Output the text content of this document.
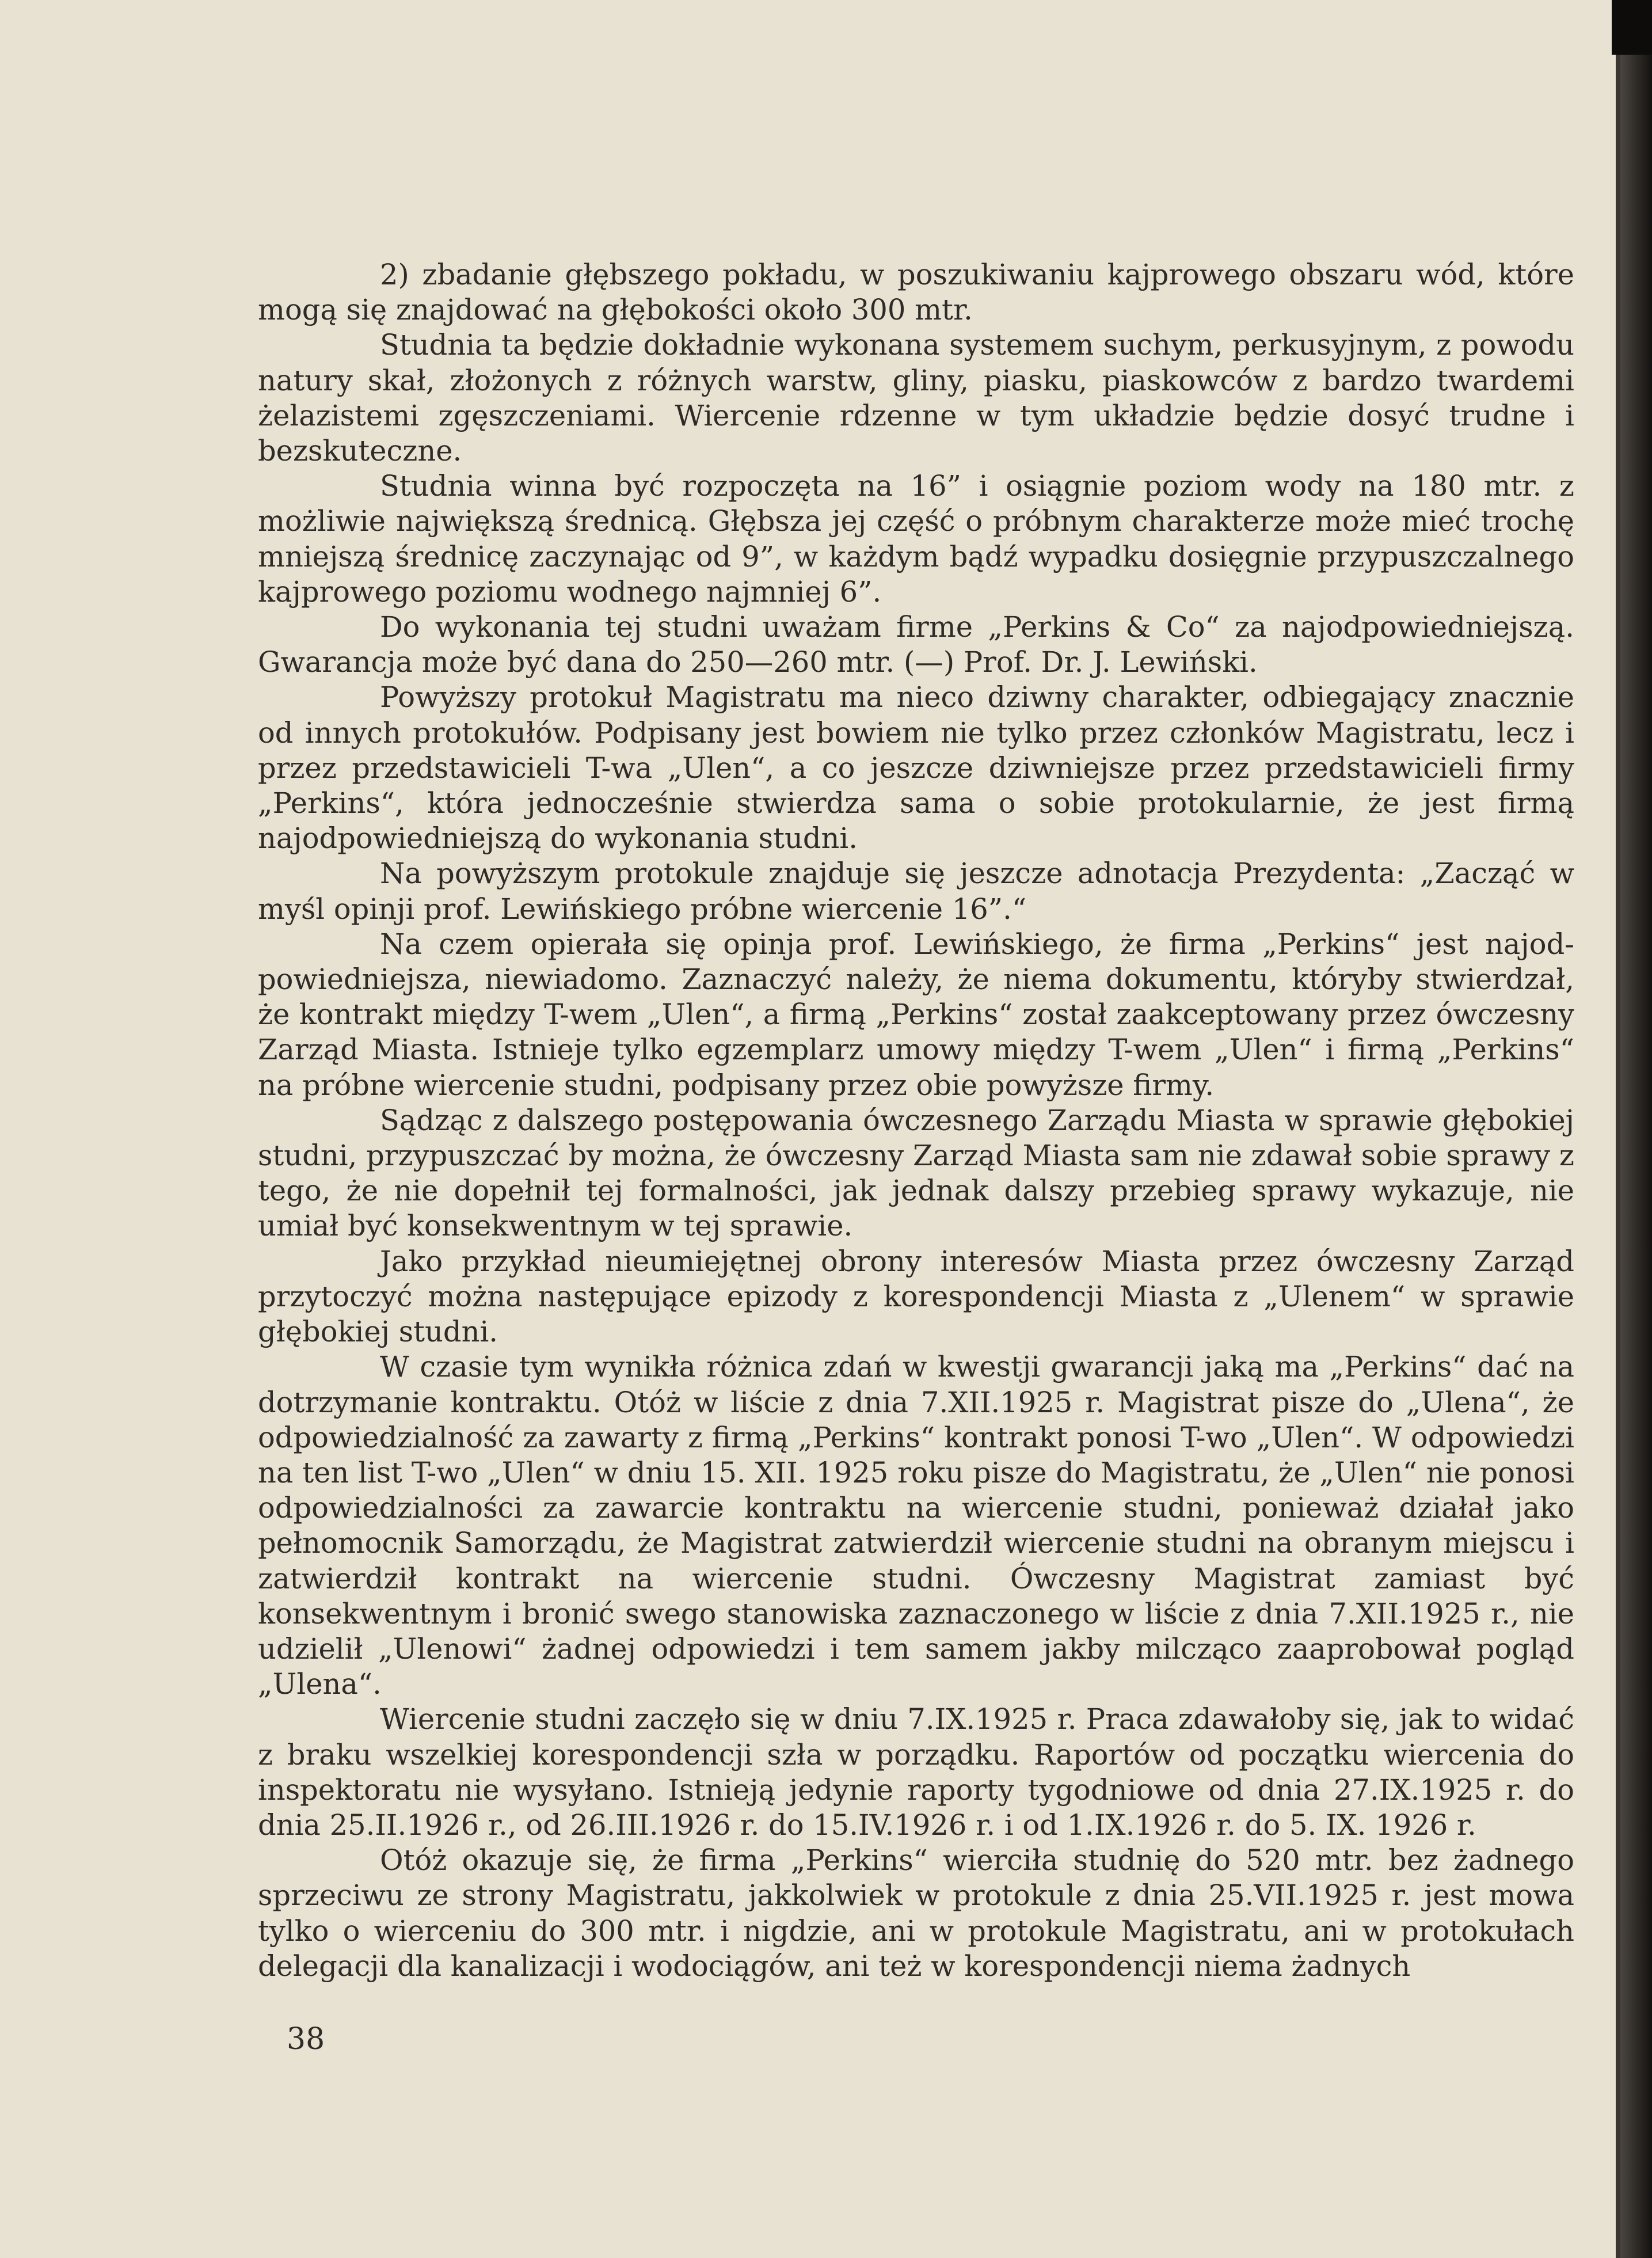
2) zbadanie głębszego pokładu, w poszukiwaniu kajprowego obszaru wód, które mogą się znajdować na głębokości około 300 mtr.

Studnia ta będzie dokładnie wykonana systemem suchym, perkusyjnym, z powodu natury skał, złożonych z różnych warstw, gliny, piasku, piaskowców z bardzo twardemi żelazistemi zgęszczeniami. Wiercenie rdzenne w tym układzie będzie dosyć trudne i bezskuteczne.

Studnia winna być rozpoczęta na 16” i osiągnie poziom wody na 180 mtr. z możliwie największą średnicą. Głębsza jej część o próbnym charakterze może mieć trochę mniejszą średnicę zaczynając od 9”, w każdym bądź wypadku dosięgnie przypuszczalnego kajprowego poziomu wodnego najmniej 6”.

Do wykonania tej studni uważam firme „Perkins & Co“ za najodpowiedniejszą. Gwarancja może być dana do 250—260 mtr. (—) Prof. Dr. J. Lewiński.

Powyższy protokuł Magistratu ma nieco dziwny charakter, odbiegający znacznie od innych protokułów. Podpisany jest bowiem nie tylko przez członków Magistratu, lecz i przez przedstawicieli T-wa „Ulen“, a co jeszcze dziwniejsze przez przedstawicieli firmy „Perkins“, która jednocześnie stwierdza sama o sobie protokularnie, że jest firmą najodpowiedniejszą do wykonania studni.

Na powyższym protokule znajduje się jeszcze adnotacja Prezydenta: „Zacząć w myśl opinji prof. Lewińskiego próbne wiercenie 16”.“

Na czem opierała się opinja prof. Lewińskiego, że firma „Perkins“ jest najodpowiedniejsza, niewiadomo. Zaznaczyć należy, że niema dokumentu, któryby stwierdzał, że kontrakt między T-wem „Ulen“, a firmą „Perkins“ został zaakceptowany przez ówczesny Zarząd Miasta. Istnieje tylko egzemplarz umowy między T-wem „Ulen“ i firmą „Perkins“ na próbne wiercenie studni, podpisany przez obie powyższe firmy.

Sądząc z dalszego postępowania ówczesnego Zarządu Miasta w sprawie głębokiej studni, przypuszczać by można, że ówczesny Zarząd Miasta sam nie zdawał sobie sprawy z tego, że nie dopełnił tej formalności, jak jednak dalszy przebieg sprawy wykazuje, nie umiał być konsekwentnym w tej sprawie.

Jako przykład nieumiejętnej obrony interesów Miasta przez ówczesny Zarząd przytoczyć można następujące epizody z korespondencji Miasta z „Ulenem“ w sprawie głębokiej studni.

W czasie tym wynikła różnica zdań w kwestji gwarancji jaką ma „Perkins“ dać na dotrzymanie kontraktu. Otóż w liście z dnia 7.XII.1925 r. Magistrat pisze do „Ulena“, że odpowiedzialność za zawarty z firmą „Perkins“ kontrakt ponosi T-wo „Ulen“. W odpowiedzi na ten list T-wo „Ulen“ w dniu 15. XII. 1925 roku pisze do Magistratu, że „Ulen“ nie ponosi odpowiedzialności za zawarcie kontraktu na wiercenie studni, ponieważ działał jako pełnomocnik Samorządu, że Magistrat zatwierdził wiercenie studni na obranym miejscu i zatwierdził kontrakt na wiercenie studni. Ówczesny Magistrat zamiast być konsekwentnym i bronić swego stanowiska zaznaczonego w liście z dnia 7.XII.1925 r., nie udzielił „Ulenowi“ żadnej odpowiedzi i tem samem jakby milcząco zaaprobował pogląd „Ulena“.

Wiercenie studni zaczęło się w dniu 7.IX.1925 r. Praca zdawałoby się, jak to widać z braku wszelkiej korespondencji szła w porządku. Raportów od początku wiercenia do inspektoratu nie wysyłano. Istnieją jedynie raporty tygodniowe od dnia 27.IX.1925 r. do dnia 25.II.1926 r., od 26.III.1926 r. do 15.IV.1926 r. i od 1.IX.1926 r. do 5. IX. 1926 r.

Otóż okazuje się, że firma „Perkins“ wierciła studnię do 520 mtr. bez żadnego sprzeciwu ze strony Magistratu, jakkolwiek w protokule z dnia 25.VII.1925 r. jest mowa tylko o wierceniu do 300 mtr. i nigdzie, ani w protokule Magistratu, ani w protokułach delegacji dla kanalizacji i wodociągów, ani też w korespondencji niema żadnych

38
